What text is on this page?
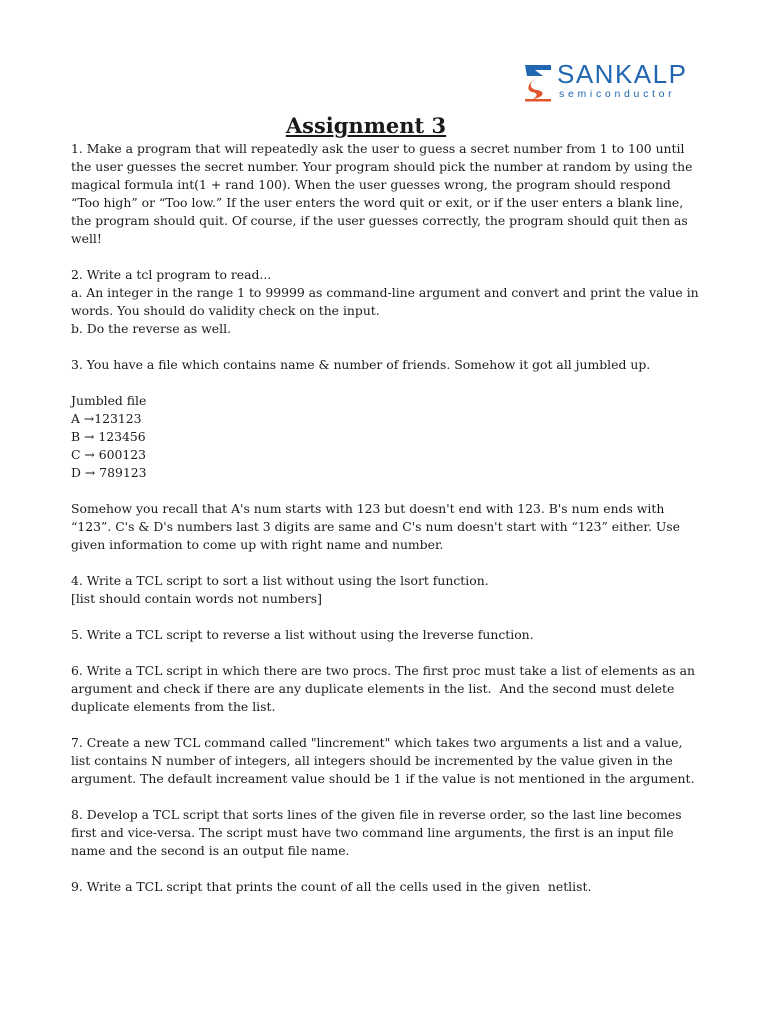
SANKALP
semiconductor
Assignment 3

1. Make a program that will repeatedly ask the user to guess a secret number from 1 to 100 until the user guesses the secret number. Your program should pick the number at random by using the magical formula int(1 + rand 100). When the user guesses wrong, the program should respond “Too high” or “Too low.” If the user enters the word quit or exit, or if the user enters a blank line, the program should quit. Of course, if the user guesses correctly, the program should quit then as well!

2. Write a tcl program to read...
a. An integer in the range 1 to 99999 as command-line argument and convert and print the value in words. You should do validity check on the input.
b. Do the reverse as well.

3. You have a file which contains name & number of friends. Somehow it got all jumbled up.

Jumbled file

A →123123

B → 123456

C → 600123

D → 789123

Somehow you recall that A's num starts with 123 but doesn't end with 123. B's num ends with “123”. C's & D's numbers last 3 digits are same and C's num doesn't start with “123” either. Use given information to come up with right name and number.

4. Write a TCL script to sort a list without using the lsort function.
[list should contain words not numbers]

5. Write a TCL script to reverse a list without using the lreverse function.

6. Write a TCL script in which there are two procs. The first proc must take a list of elements as an argument and check if there are any duplicate elements in the list.  And the second must delete duplicate elements from the list.

7. Create a new TCL command called "lincrement" which takes two arguments a list and a value, list contains N number of integers, all integers should be incremented by the value given in the argument. The default increament value should be 1 if the value is not mentioned in the argument.

8. Develop a TCL script that sorts lines of the given file in reverse order, so the last line becomes first and vice-versa. The script must have two command line arguments, the first is an input file name and the second is an output file name.

9. Write a TCL script that prints the count of all the cells used in the given  netlist.
